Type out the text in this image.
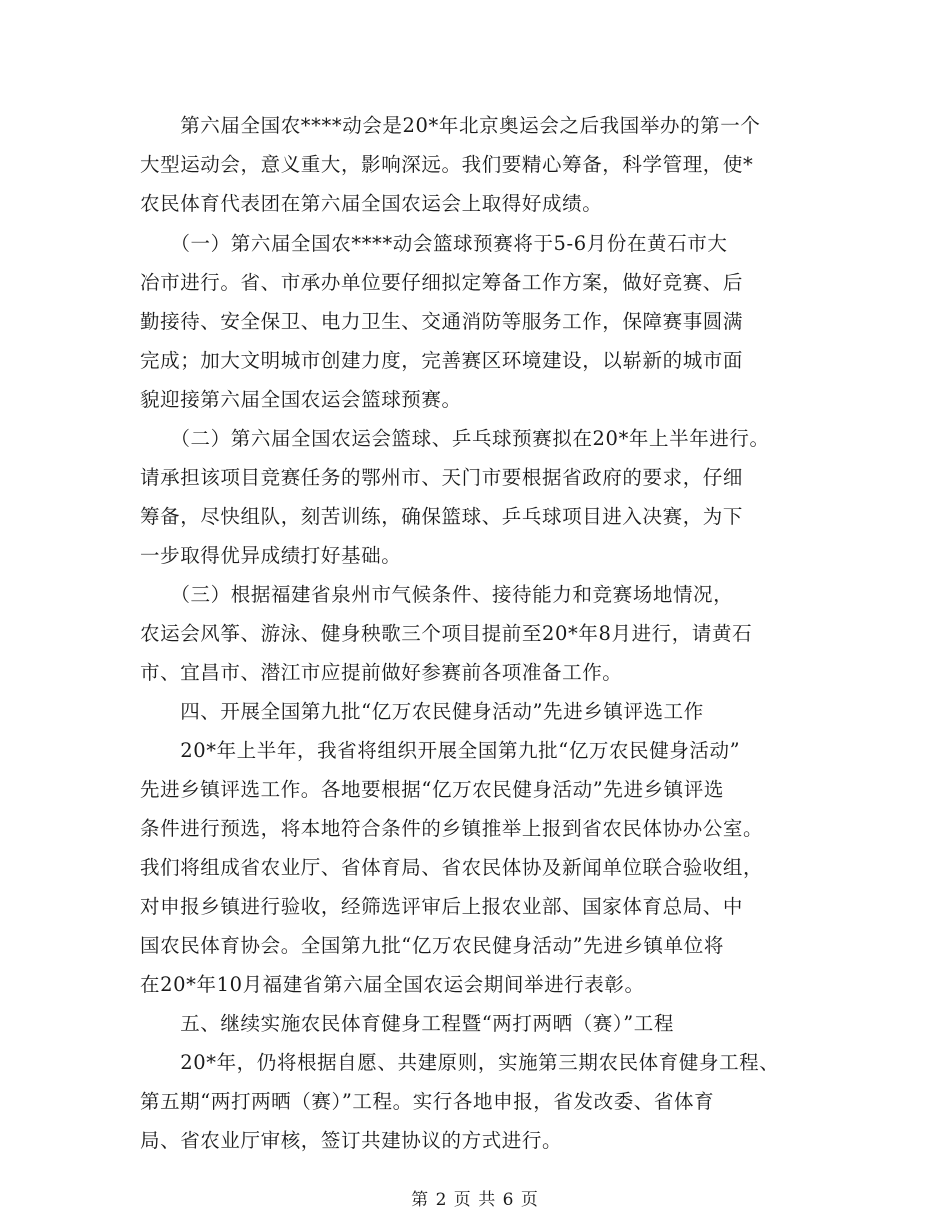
　　第六届全国农****动会是20*年北京奥运会之后我国举办的第一个
大型运动会，意义重大，影响深远。我们要精心筹备，科学管理，使*
农民体育代表团在第六届全国农运会上取得好成绩。
　　（一）第六届全国农****动会篮球预赛将于5-6月份在黄石市大
冶市进行。省、市承办单位要仔细拟定筹备工作方案，做好竞赛、后
勤接待、安全保卫、电力卫生、交通消防等服务工作，保障赛事圆满
完成；加大文明城市创建力度，完善赛区环境建设，以崭新的城市面
貌迎接第六届全国农运会篮球预赛。
　　（二）第六届全国农运会篮球、乒乓球预赛拟在20*年上半年进行。
请承担该项目竞赛任务的鄂州市、天门市要根据省政府的要求，仔细
筹备，尽快组队，刻苦训练，确保篮球、乒乓球项目进入决赛，为下
一步取得优异成绩打好基础。
　　（三）根据福建省泉州市气候条件、接待能力和竞赛场地情况，
农运会风筝、游泳、健身秧歌三个项目提前至20*年8月进行，请黄石
市、宜昌市、潜江市应提前做好参赛前各项准备工作。
　　四、开展全国第九批“亿万农民健身活动”先进乡镇评选工作
　　20*年上半年，我省将组织开展全国第九批“亿万农民健身活动”
先进乡镇评选工作。各地要根据“亿万农民健身活动”先进乡镇评选
条件进行预选，将本地符合条件的乡镇推举上报到省农民体协办公室。
我们将组成省农业厅、省体育局、省农民体协及新闻单位联合验收组，
对申报乡镇进行验收，经筛选评审后上报农业部、国家体育总局、中
国农民体育协会。全国第九批“亿万农民健身活动”先进乡镇单位将
在20*年10月福建省第六届全国农运会期间举进行表彰。
　　五、继续实施农民体育健身工程暨“两打两晒（赛）”工程
　　20*年，仍将根据自愿、共建原则，实施第三期农民体育健身工程、
第五期“两打两晒（赛）”工程。实行各地申报，省发改委、省体育
局、省农业厅审核，签订共建协议的方式进行。
第 2 页 共 6 页
